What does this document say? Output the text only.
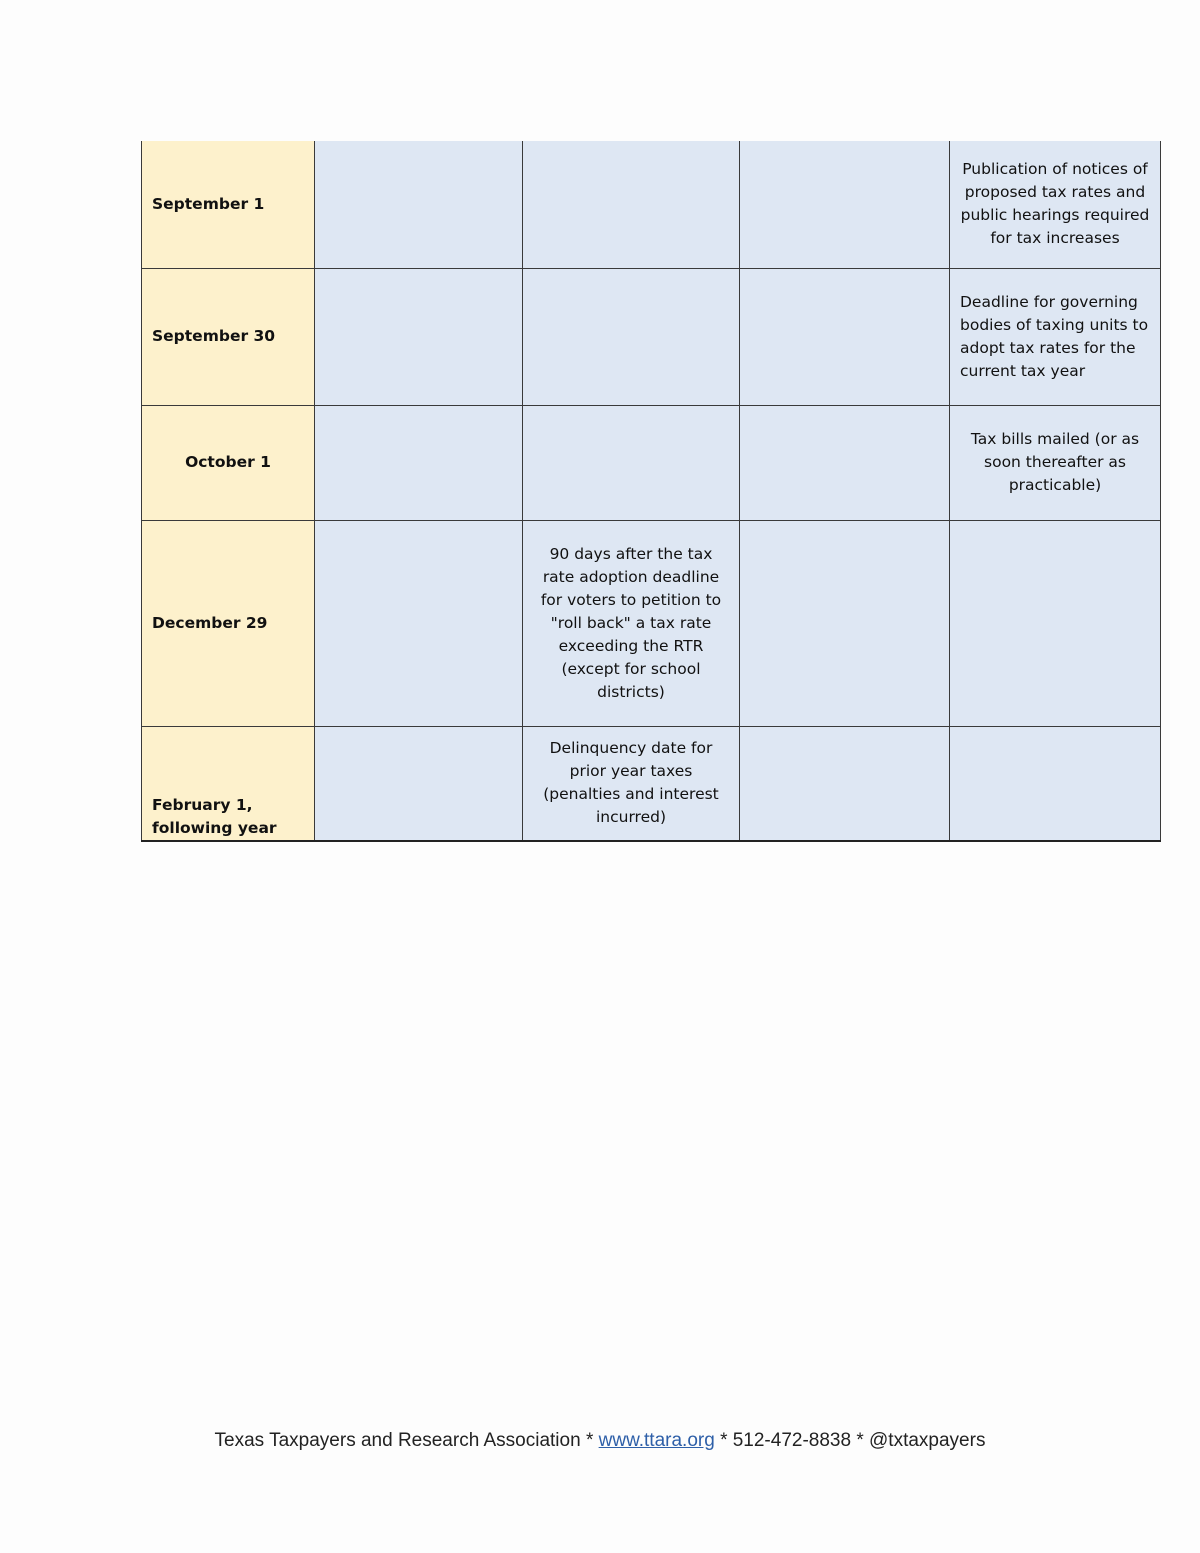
September 1				Publication of notices of proposed tax rates and public hearings required for tax increases
September 30				Deadline for governing bodies of taxing units to adopt tax rates for the current tax year
October 1				Tax bills mailed (or as soon thereafter as practicable)
December 29		90 days after the tax rate adoption deadline for voters to petition to "roll back" a tax rate exceeding the RTR (except for school districts)		
February 1, following year		Delinquency date for prior year taxes (penalties and interest incurred)		
Texas Taxpayers and Research Association * www.ttara.org * 512-472-8838 * @txtaxpayers
